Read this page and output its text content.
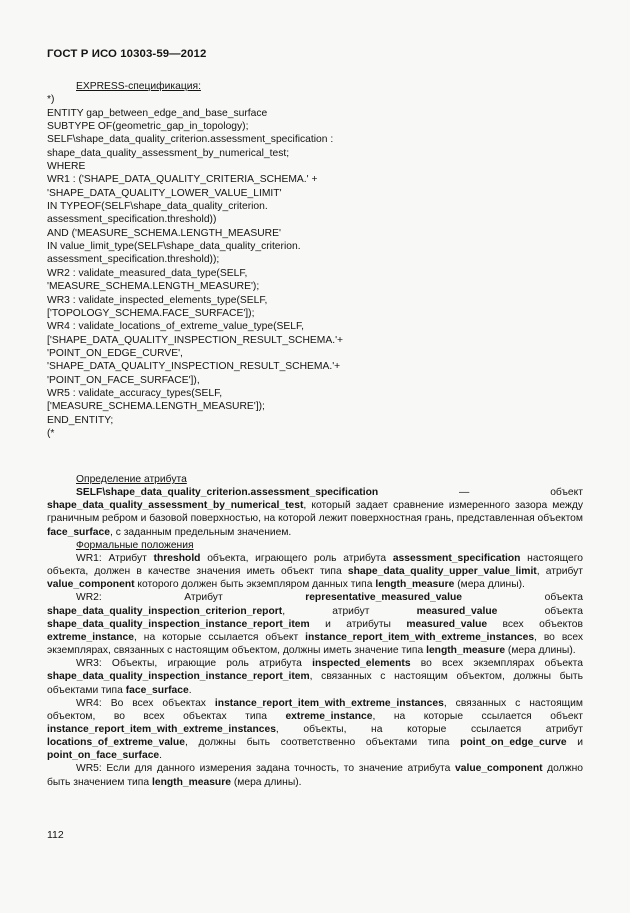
ГОСТ Р ИСО 10303-59—2012
EXPRESS-спецификация:
*)
ENTITY gap_between_edge_and_base_surface
SUBTYPE OF(geometric_gap_in_topology);
SELF\shape_data_quality_criterion.assessment_specification :
shape_data_quality_assessment_by_numerical_test;
WHERE
WR1 : ('SHAPE_DATA_QUALITY_CRITERIA_SCHEMA.' +
'SHAPE_DATA_QUALITY_LOWER_VALUE_LIMIT'
IN TYPEOF(SELF\shape_data_quality_criterion.
assessment_specification.threshold))
AND ('MEASURE_SCHEMA.LENGTH_MEASURE'
IN value_limit_type(SELF\shape_data_quality_criterion.
assessment_specification.threshold));
WR2 : validate_measured_data_type(SELF,
'MEASURE_SCHEMA.LENGTH_MEASURE');
WR3 : validate_inspected_elements_type(SELF,
['TOPOLOGY_SCHEMA.FACE_SURFACE']);
WR4 : validate_locations_of_extreme_value_type(SELF,
['SHAPE_DATA_QUALITY_INSPECTION_RESULT_SCHEMA.'+
'POINT_ON_EDGE_CURVE',
'SHAPE_DATA_QUALITY_INSPECTION_RESULT_SCHEMA.'+
'POINT_ON_FACE_SURFACE']),
WR5 : validate_accuracy_types(SELF,
['MEASURE_SCHEMA.LENGTH_MEASURE']);
END_ENTITY;
(*
Определение атрибута

SELF\shape_data_quality_criterion.assessment_specification — объект shape_data_quality_assessment_by_numerical_test, который задает сравнение измеренного зазора между граничным ребром и базовой поверхностью, на которой лежит поверхностная грань, представленная объектом face_surface, с заданным предельным значением.

Формальные положения

WR1: Атрибут threshold объекта, играющего роль атрибута assessment_specification настоящего объекта, должен в качестве значения иметь объект типа shape_data_quality_upper_value_limit, атрибут value_component которого должен быть экземпляром данных типа length_measure (мера длины).

WR2: Атрибут representative_measured_value объекта shape_data_quality_inspection_criterion_report, атрибут measured_value объекта shape_data_quality_inspection_instance_report_item и атрибуты measured_value всех объектов extreme_instance, на которые ссылается объект instance_report_item_with_extreme_instances, во всех экземплярах, связанных с настоящим объектом, должны иметь значение типа length_measure (мера длины).

WR3: Объекты, играющие роль атрибута inspected_elements во всех экземплярах объекта shape_data_quality_inspection_instance_report_item, связанных с настоящим объектом, должны быть объектами типа face_surface.

WR4: Во всех объектах instance_report_item_with_extreme_instances, связанных с настоящим объектом, во всех объектах типа extreme_instance, на которые ссылается объект instance_report_item_with_extreme_instances, объекты, на которые ссылается атрибут locations_of_extreme_value, должны быть соответственно объектами типа point_on_edge_curve и point_on_face_surface.

WR5: Если для данного измерения задана точность, то значение атрибута value_component должно быть значением типа length_measure (мера длины).

112
